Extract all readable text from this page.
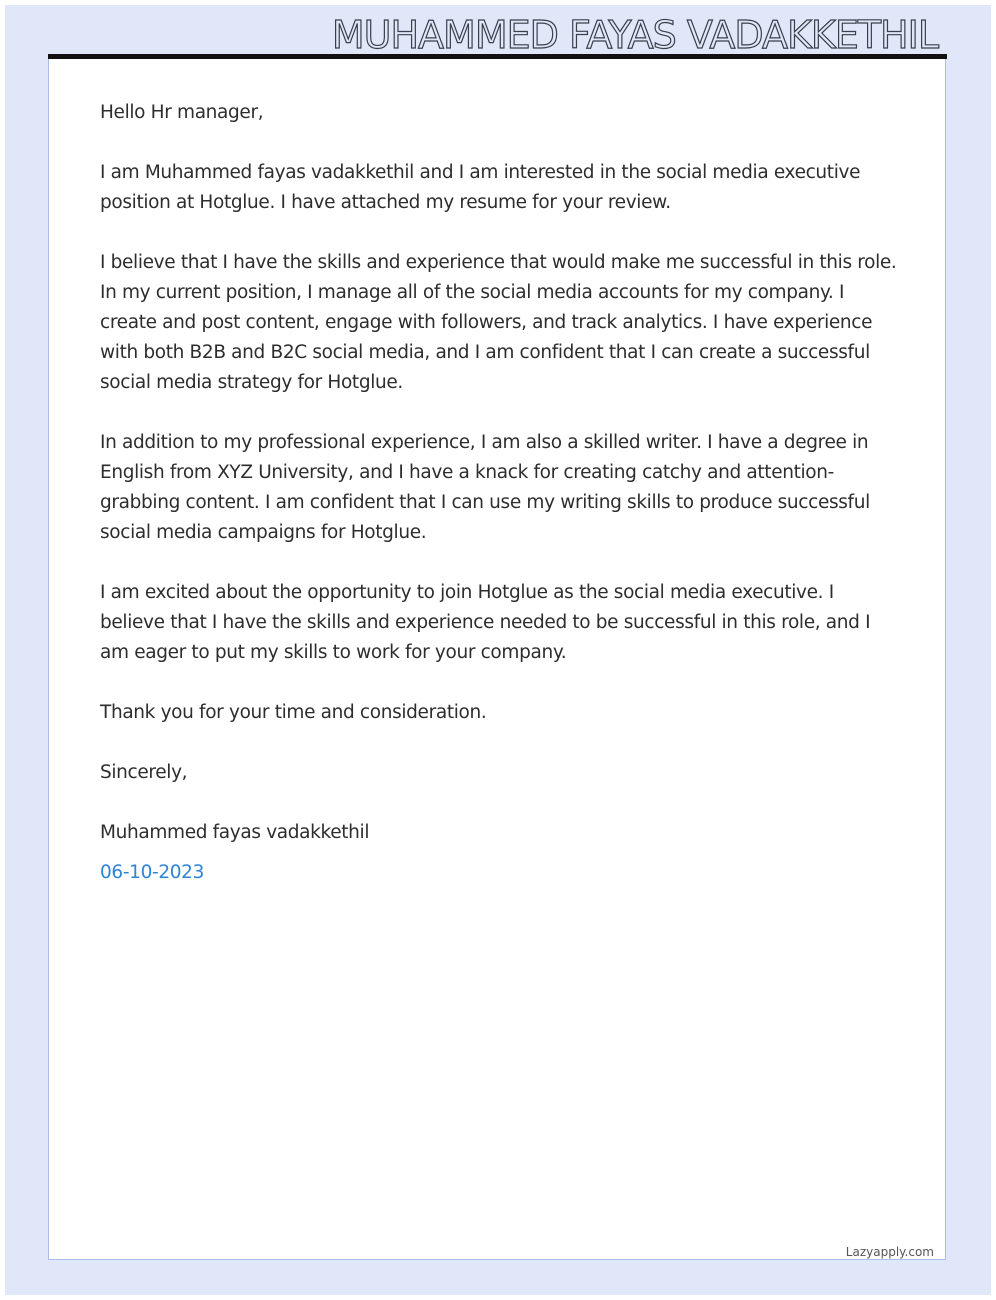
MUHAMMED FAYAS VADAKKETHIL

Hello Hr manager,

I am Muhammed fayas vadakkethil and I am interested in the social media executive position at Hotglue. I have attached my resume for your review.

I believe that I have the skills and experience that would make me successful in this role. In my current position, I manage all of the social media accounts for my company. I create and post content, engage with followers, and track analytics. I have experience with both B2B and B2C social media, and I am confident that I can create a successful social media strategy for Hotglue.

In addition to my professional experience, I am also a skilled writer. I have a degree in English from XYZ University, and I have a knack for creating catchy and attention-grabbing content. I am confident that I can use my writing skills to produce successful social media campaigns for Hotglue.

I am excited about the opportunity to join Hotglue as the social media executive. I believe that I have the skills and experience needed to be successful in this role, and I am eager to put my skills to work for your company.

Thank you for your time and consideration.

Sincerely,

Muhammed fayas vadakkethil

06-10-2023

Lazyapply.com
